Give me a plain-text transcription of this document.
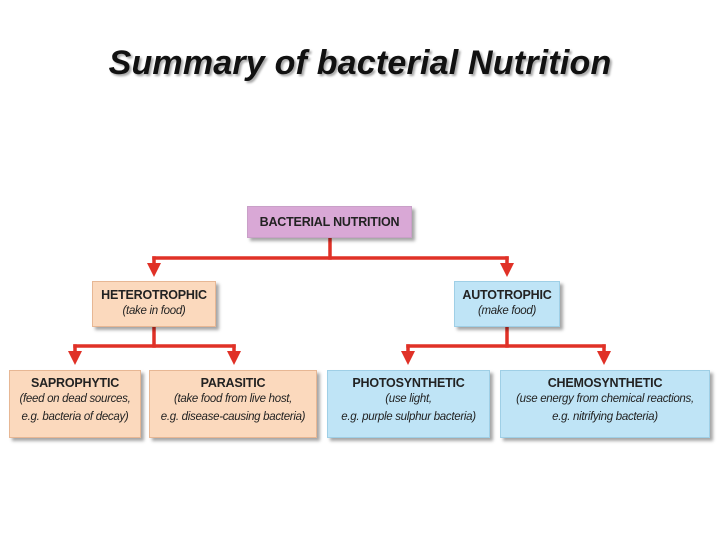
Summary of bacterial Nutrition
BACTERIAL NUTRITION
HETEROTROPHIC
(take in food)
AUTOTROPHIC
(make food)
SAPROPHYTIC
(feed on dead sources,
e.g. bacteria of decay)
PARASITIC
(take food from live host,
e.g. disease-causing bacteria)
PHOTOSYNTHETIC
(use light,
e.g. purple sulphur bacteria)
CHEMOSYNTHETIC
(use energy from chemical reactions,
e.g. nitrifying bacteria)
